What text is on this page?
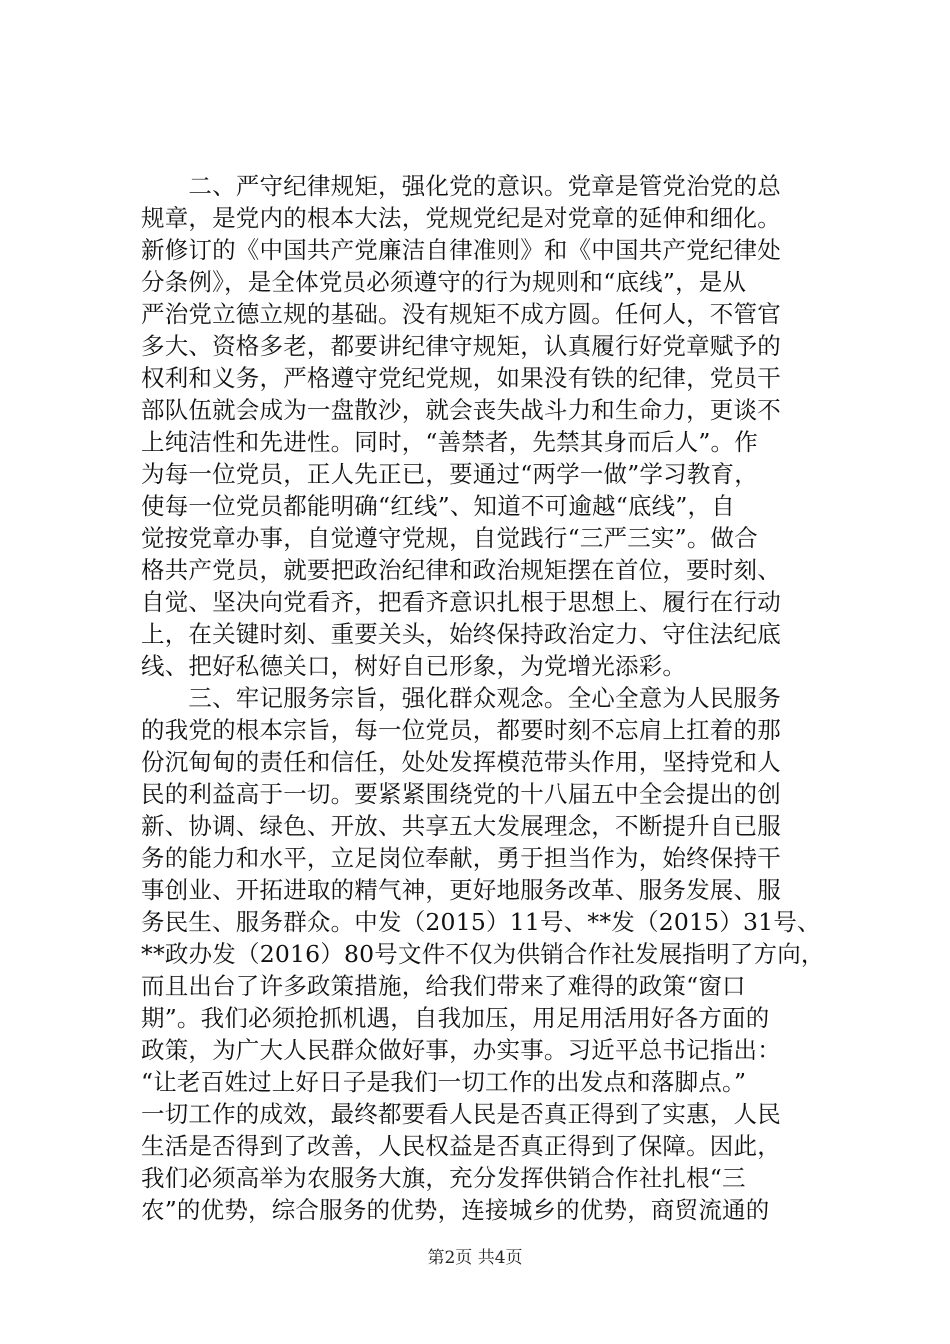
　　二、严守纪律规矩，强化党的意识。党章是管党治党的总
规章，是党内的根本大法，党规党纪是对党章的延伸和细化。
新修订的《中国共产党廉洁自律准则》和《中国共产党纪律处
分条例》，是全体党员必须遵守的行为规则和“底线”，是从
严治党立德立规的基础。没有规矩不成方圆。任何人，不管官
多大、资格多老，都要讲纪律守规矩，认真履行好党章赋予的
权利和义务，严格遵守党纪党规，如果没有铁的纪律，党员干
部队伍就会成为一盘散沙，就会丧失战斗力和生命力，更谈不
上纯洁性和先进性。同时，“善禁者，先禁其身而后人”。作
为每一位党员，正人先正已，要通过“两学一做”学习教育，
使每一位党员都能明确“红线”、知道不可逾越“底线”，自
觉按党章办事，自觉遵守党规，自觉践行“三严三实”。做合
格共产党员，就要把政治纪律和政治规矩摆在首位，要时刻、
自觉、坚决向党看齐，把看齐意识扎根于思想上、履行在行动
上，在关键时刻、重要关头，始终保持政治定力、守住法纪底
线、把好私德关口，树好自已形象，为党增光添彩。
　　三、牢记服务宗旨，强化群众观念。全心全意为人民服务
的我党的根本宗旨，每一位党员，都要时刻不忘肩上扛着的那
份沉甸甸的责任和信任，处处发挥模范带头作用，坚持党和人
民的利益高于一切。要紧紧围绕党的十八届五中全会提出的创
新、协调、绿色、开放、共享五大发展理念，不断提升自已服
务的能力和水平，立足岗位奉献，勇于担当作为，始终保持干
事创业、开拓进取的精气神，更好地服务改革、服务发展、服
务民生、服务群众。中发（2015）11号、**发（2015）31号、
**政办发（2016）80号文件不仅为供销合作社发展指明了方向，
而且出台了许多政策措施，给我们带来了难得的政策“窗口
期”。我们必须抢抓机遇，自我加压，用足用活用好各方面的
政策，为广大人民群众做好事，办实事。习近平总书记指出：
“让老百姓过上好日子是我们一切工作的出发点和落脚点。”
一切工作的成效，最终都要看人民是否真正得到了实惠，人民
生活是否得到了改善，人民权益是否真正得到了保障。因此，
我们必须高举为农服务大旗，充分发挥供销合作社扎根“三
农”的优势，综合服务的优势，连接城乡的优势，商贸流通的
第2页 共4页
